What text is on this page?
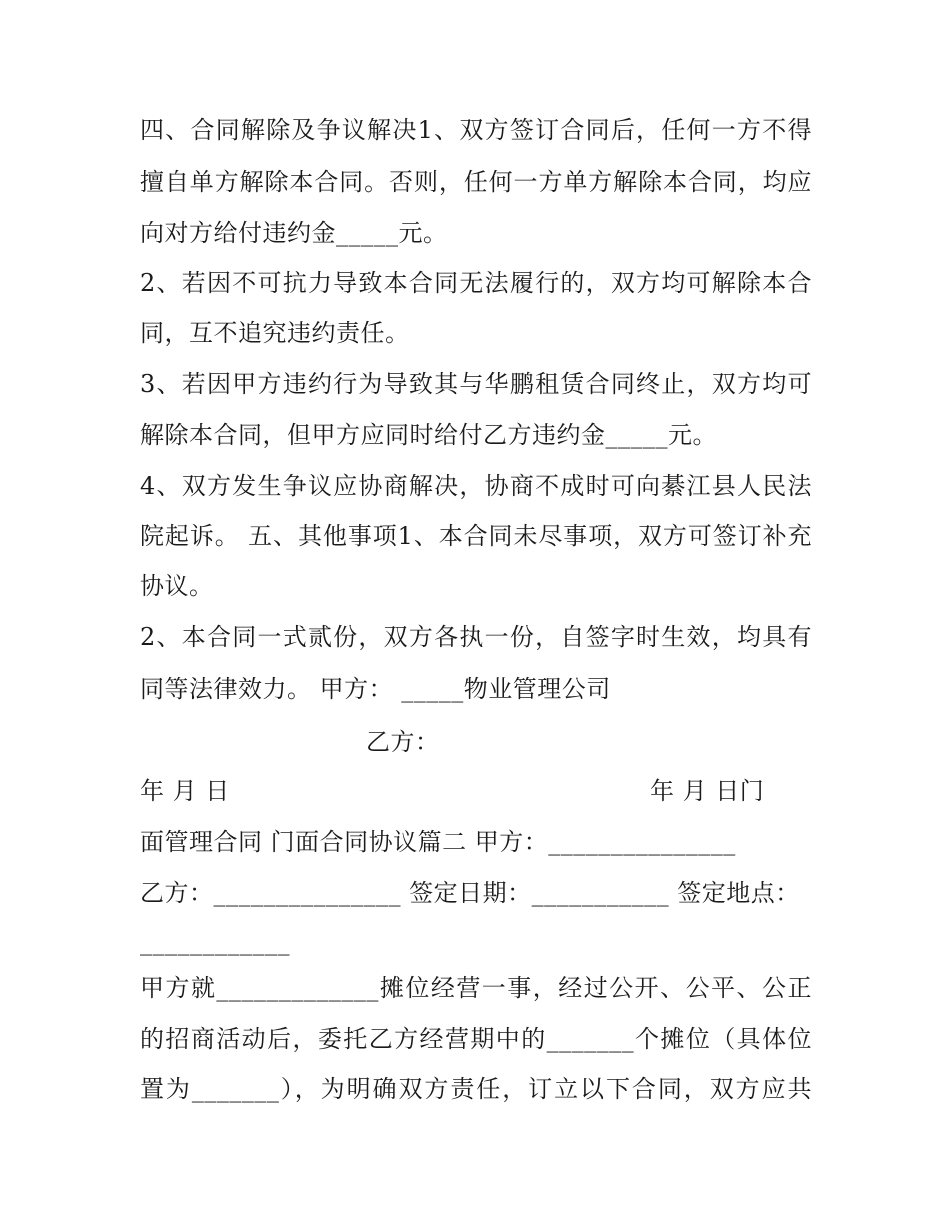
四、合同解除及争议解决1、双方签订合同后，任何一方不得
擅自单方解除本合同。否则，任何一方单方解除本合同，均应
向对方给付违约金_____元。
2、若因不可抗力导致本合同无法履行的，双方均可解除本合
同，互不追究违约责任。
3、若因甲方违约行为导致其与华鹏租赁合同终止，双方均可
解除本合同，但甲方应同时给付乙方违约金_____元。
4、双方发生争议应协商解决，协商不成时可向綦江县人民法
院起诉。 五、其他事项1、本合同未尽事项，双方可签订补充
协议。
2、本合同一式贰份，双方各执一份，自签字时生效，均具有
同等法律效力。 甲方： _____物业管理公司
乙方：
年 月 日	年 月 日门
面管理合同 门面合同协议篇二 甲方：_______________
乙方：_______________ 签定日期：___________ 签定地点：
____________
甲方就_____________摊位经营一事，经过公开、公平、公正
的招商活动后，委托乙方经营期中的_______个摊位（具体位
置为_______），为明确双方责任，订立以下合同，双方应共
